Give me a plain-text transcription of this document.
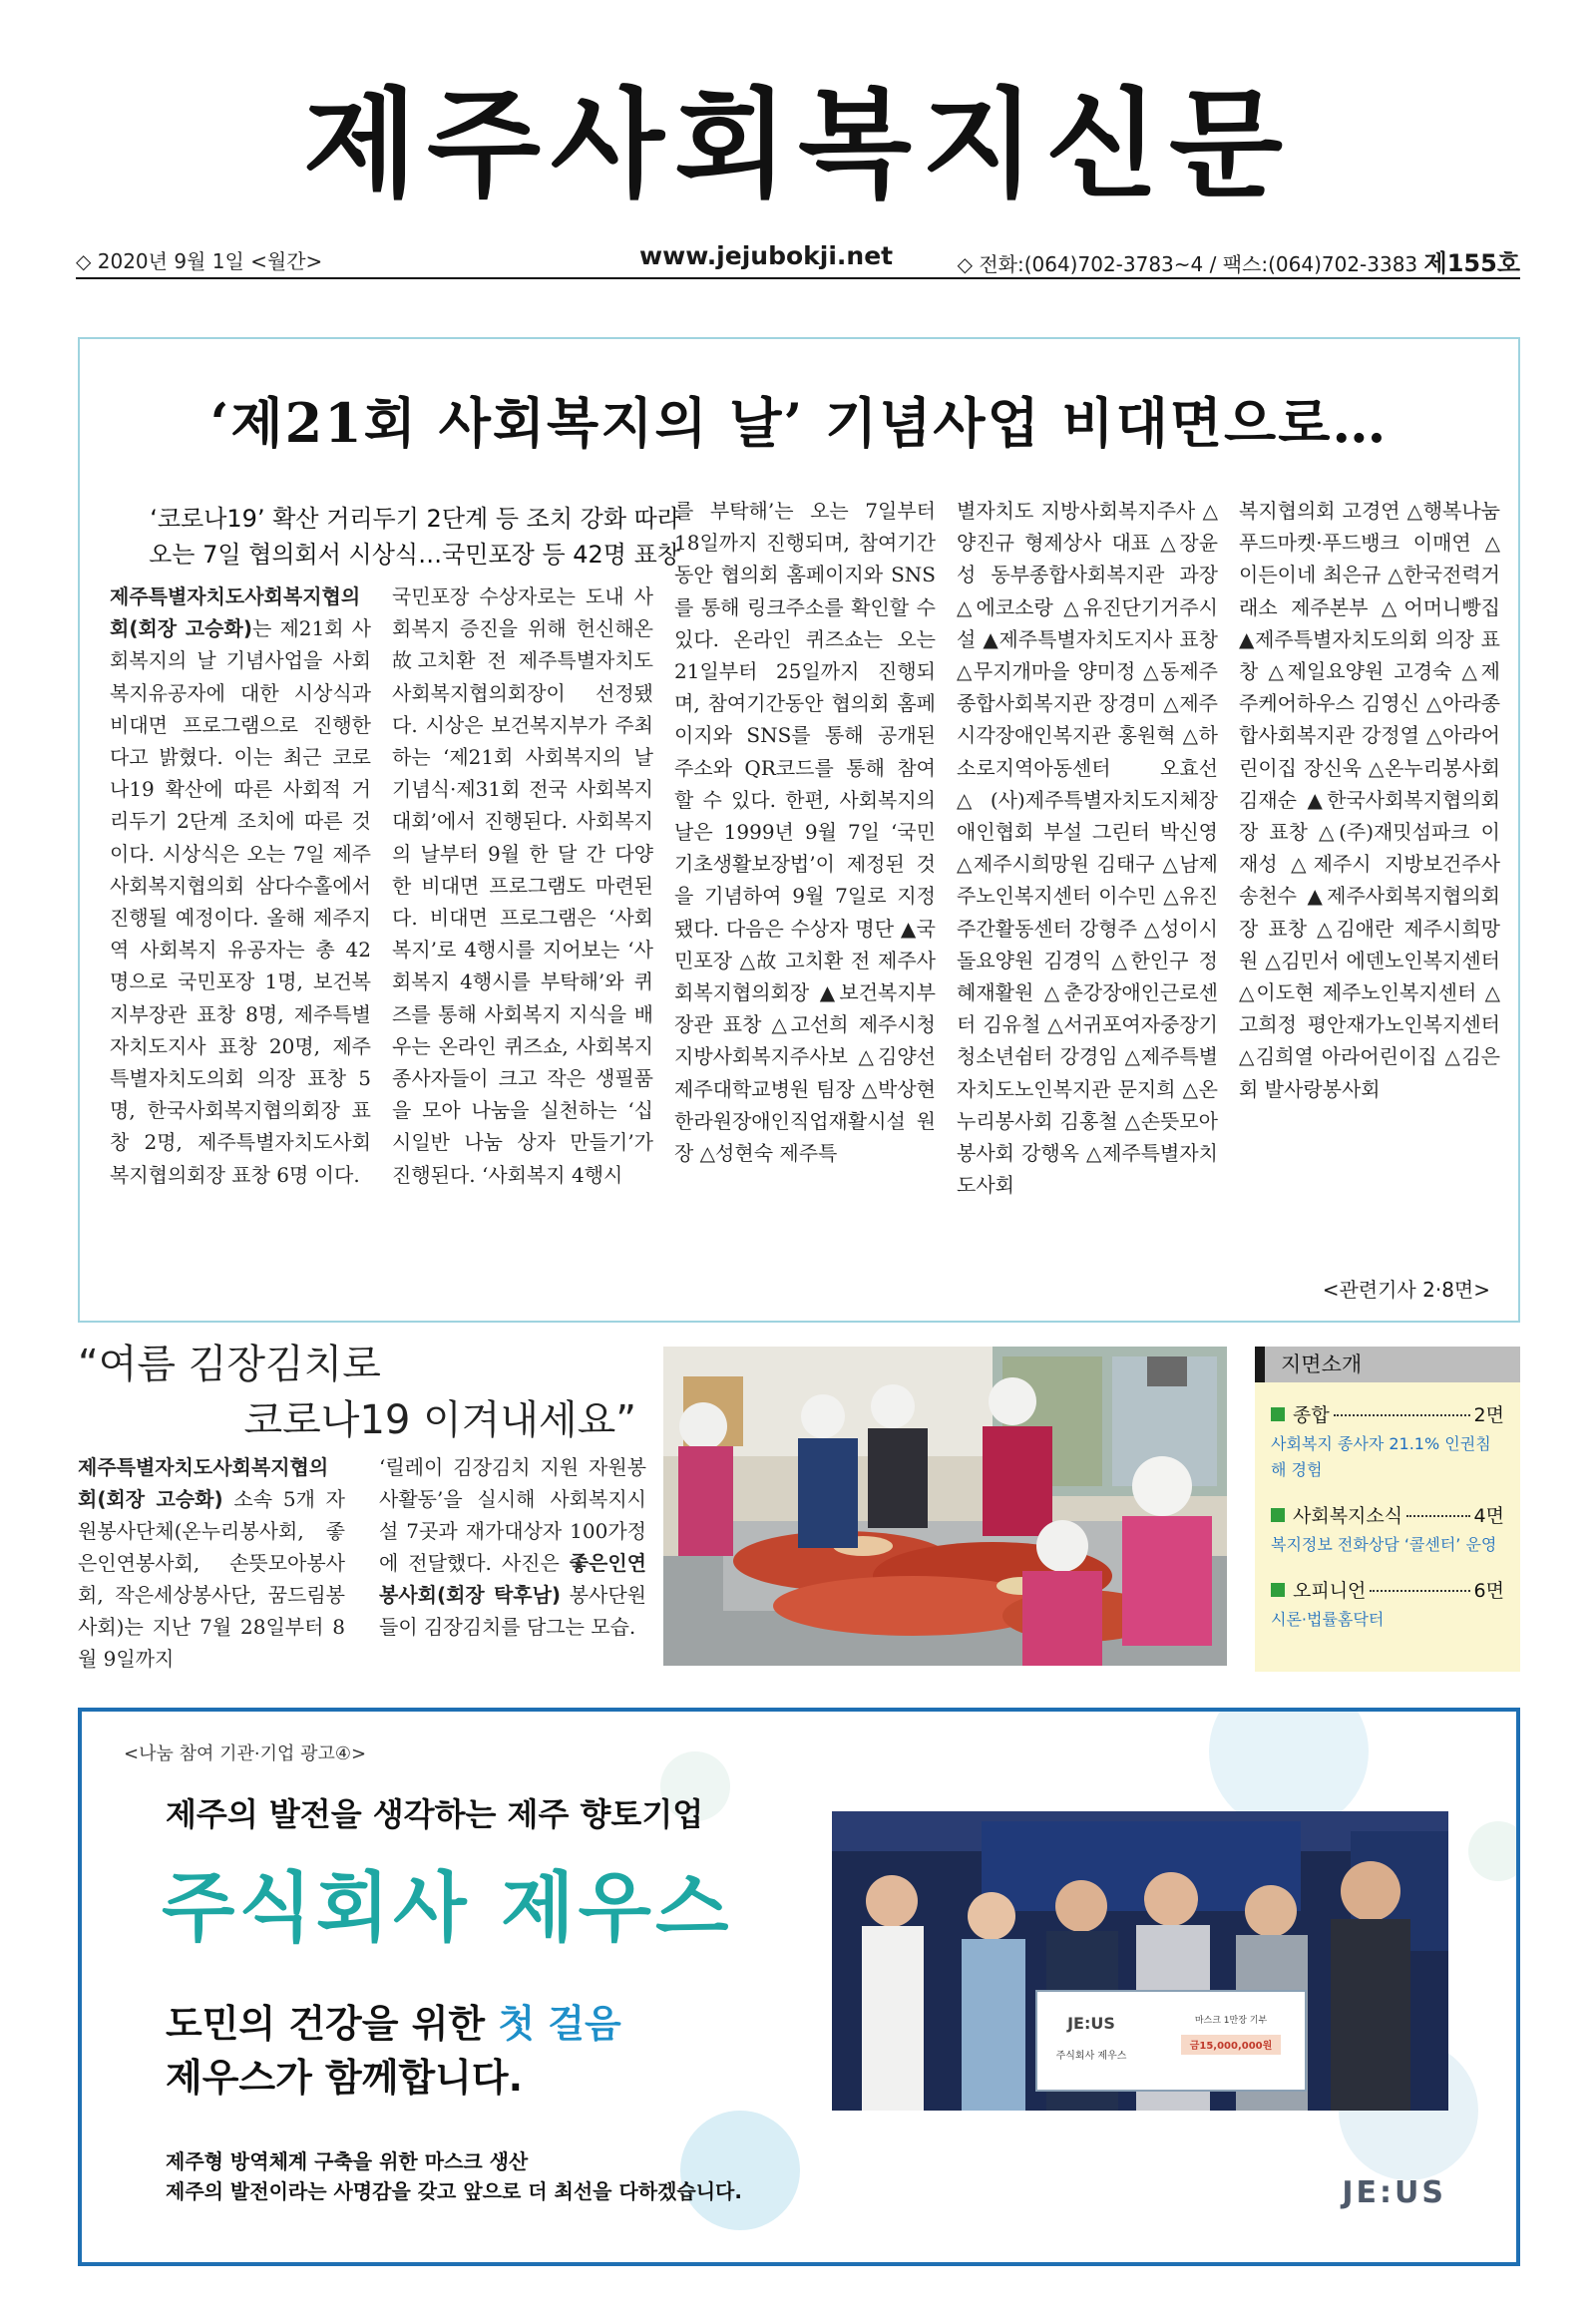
제주사회복지신문
◇ 2020년 9월 1일 <월간>	www.jejubokji.net	◇ 전화:(064)702-3783~4 / 팩스:(064)702-3383 제155호
‘제21회 사회복지의 날’ 기념사업 비대면으로…
‘코로나19’ 확산 거리두기 2단계 등 조치 강화 따라
오는 7일 협의회서 시상식…국민포장 등 42명 표창
제주특별자치도사회복지협의회(회장 고승화)는 제21회 사회복지의 날 기념사업을 사회복지유공자에 대한 시상식과 비대면 프로그램으로 진행한다고 밝혔다. 이는 최근 코로나19 확산에 따른 사회적 거리두기 2단계 조치에 따른 것이다. 시상식은 오는 7일 제주사회복지협의회 삼다수홀에서 진행될 예정이다. 올해 제주지역 사회복지 유공자는 총 42명으로 국민포장 1명, 보건복지부장관 표창 8명, 제주특별자치도지사 표창 20명, 제주특별자치도의회 의장 표창 5명, 한국사회복지협의회장 표창 2명, 제주특별자치도사회복지협의회장 표창 6명 이다.
국민포장 수상자로는 도내 사회복지 증진을 위해 헌신해온 故고치환 전 제주특별자치도사회복지협의회장이 선정됐다. 시상은 보건복지부가 주최하는 ‘제21회 사회복지의 날 기념식·제31회 전국 사회복지 대회’에서 진행된다. 사회복지의 날부터 9월 한 달 간 다양한 비대면 프로그램도 마련된다. 비대면 프로그램은 ‘사회복지’로 4행시를 지어보는 ‘사회복지 4행시를 부탁해’와 퀴즈를 통해 사회복지 지식을 배우는 온라인 퀴즈쇼, 사회복지 종사자들이 크고 작은 생필품을 모아 나눔을 실천하는 ‘십시일반 나눔 상자 만들기’가 진행된다. ‘사회복지 4행시
를 부탁해’는 오는 7일부터 18일까지 진행되며, 참여기간동안 협의회 홈페이지와 SNS를 통해 링크주소를 확인할 수 있다. 온라인 퀴즈쇼는 오는 21일부터 25일까지 진행되며, 참여기간동안 협의회 홈페이지와 SNS를 통해 공개된 주소와 QR코드를 통해 참여할 수 있다. 한편, 사회복지의 날은 1999년 9월 7일 ‘국민기초생활보장법’이 제정된 것을 기념하여 9월 7일로 지정됐다. 다음은 수상자 명단 ▲국민포장 △故 고치환 전 제주사회복지협의회장 ▲보건복지부 장관 표창 △고선희 제주시청 지방사회복지주사보 △김양선 제주대학교병원 팀장 △박상현 한라원장애인직업재활시설 원장 △성현숙 제주특
별자치도 지방사회복지주사 △양진규 형제상사 대표 △장윤성 동부종합사회복지관 과장 △에코소랑 △유진단기거주시설 ▲제주특별자치도지사 표창 △무지개마을 양미정 △동제주종합사회복지관 장경미 △제주시각장애인복지관 홍원혁 △하소로지역아동센터 오효선 △(사)제주특별자치도지체장애인협회 부설 그린터 박신영 △제주시희망원 김태구 △남제주노인복지센터 이수민 △유진주간활동센터 강형주 △성이시돌요양원 김경익 △한인구 정혜재활원 △춘강장애인근로센터 김유철 △서귀포여자중장기청소년쉼터 강경임 △제주특별자치도노인복지관 문지희 △온누리봉사회 김홍철 △손뜻모아봉사회 강행옥 △제주특별자치도사회
복지협의회 고경연 △행복나눔푸드마켓·푸드뱅크 이매연 △이든이네 최은규 △한국전력거래소 제주본부 △어머니빵집 ▲제주특별자치도의회 의장 표창 △제일요양원 고경숙 △제주케어하우스 김영신 △아라종합사회복지관 강정열 △아라어린이집 장신욱 △온누리봉사회 김재순 ▲한국사회복지협의회장 표창 △(주)재밋섬파크 이재성 △제주시 지방보건주사 송천수 ▲제주사회복지협의회장 표창 △김애란 제주시희망원 △김민서 에덴노인복지센터 △이도현 제주노인복지센터 △고희정 평안재가노인복지센터 △김희열 아라어린이집 △김은회 발사랑봉사회
<관련기사 2·8면>
“여름 김장김치로
코로나19 이겨내세요”
제주특별자치도사회복지협의회(회장 고승화) 소속 5개 자원봉사단체(온누리봉사회, 좋은인연봉사회, 손뜻모아봉사회, 작은세상봉사단, 꿈드림봉사회)는 지난 7월 28일부터 8월 9일까지
‘릴레이 김장김치 지원 자원봉사활동’을 실시해 사회복지시설 7곳과 재가대상자 100가정에 전달했다. 사진은 좋은인연봉사회(회장 탁후남) 봉사단원들이 김장김치를 담그는 모습.
지면소개
종합	2면
사회복지 종사자 21.1% 인권침해 경험
사회복지소식	4면
복지정보 전화상담 ‘콜센터’ 운영
오피니언	6면
시론·법률홈닥터
<나눔 참여 기관·기업 광고④>
제주의 발전을 생각하는 제주 향토기업
주식회사 제우스
도민의 건강을 위한 첫 걸음
제우스가 함께합니다.
제주형 방역체계 구축을 위한 마스크 생산
제주의 발전이라는 사명감을 갖고 앞으로 더 최선을 다하겠습니다.
JE:US
주식회사 제우스
마스크 1만장 기부
금15,000,000원
JE:US
